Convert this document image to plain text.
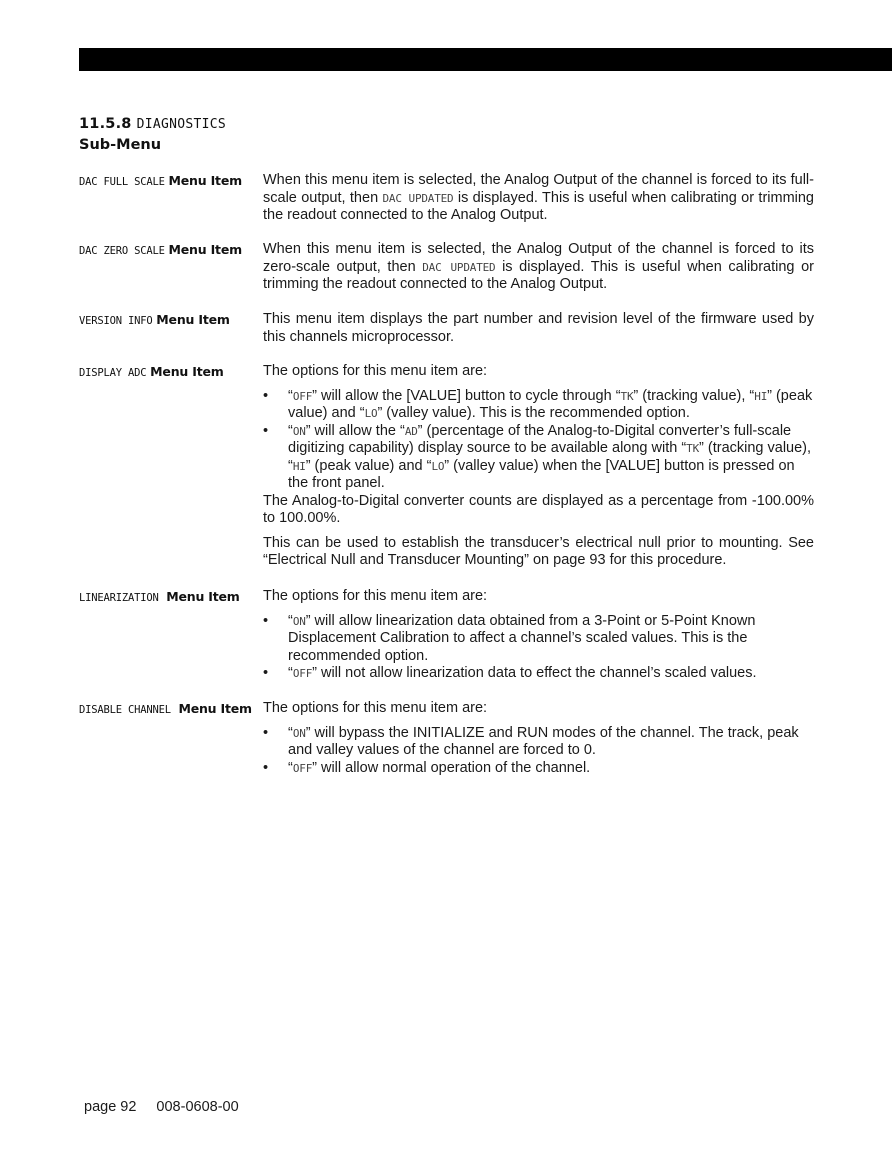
11.5.8 DIAGNOSTICS
Sub-Menu
DAC FULL SCALE Menu Item When this menu item is selected, the Analog Output of the channel is forced to its full-scale output, then DAC UPDATED is displayed. This is useful when calibrating or trimming the readout connected to the Analog Output.

DAC ZERO SCALE Menu Item When this menu item is selected, the Analog Output of the channel is forced to its zero-scale output, then DAC UPDATED is displayed. This is useful when calibrating or trimming the readout connected to the Analog Output.

VERSION INFO Menu Item This menu item displays the part number and revision level of the firmware used by this channels microprocessor.

DISPLAY ADC Menu Item	The options for this menu item are:

• “OFF” will allow the [VALUE] button to cycle through “TK” (tracking value), “HI” (peak value) and “LO” (valley value). This is the recommended option.
• “ON” will allow the “AD” (percentage of the Analog-to-Digital converter’s full-scale digitizing capability) display source to be available along with “TK” (tracking value), “HI” (peak value) and “LO” (valley value) when the [VALUE] button is pressed on the front panel.

The Analog-to-Digital converter counts are displayed as a percentage from -100.00% to 100.00%.

This can be used to establish the transducer’s electrical null prior to mounting. See “Electrical Null and Transducer Mounting” on page 93 for this procedure.

LINEARIZATION Menu Item The options for this menu item are:

• “ON” will allow linearization data obtained from a 3-Point or 5-Point Known Displacement Calibration to affect a channel’s scaled values. This is the recommended option.
• “OFF” will not allow linearization data to effect the channel’s scaled values.
DISABLE CHANNEL Menu Item The options for this menu item are:

• “ON” will bypass the INITIALIZE and RUN modes of the channel. The track, peak and valley values of the channel are forced to 0.
• “OFF” will allow normal operation of the channel.
page 92 008-0608-00
